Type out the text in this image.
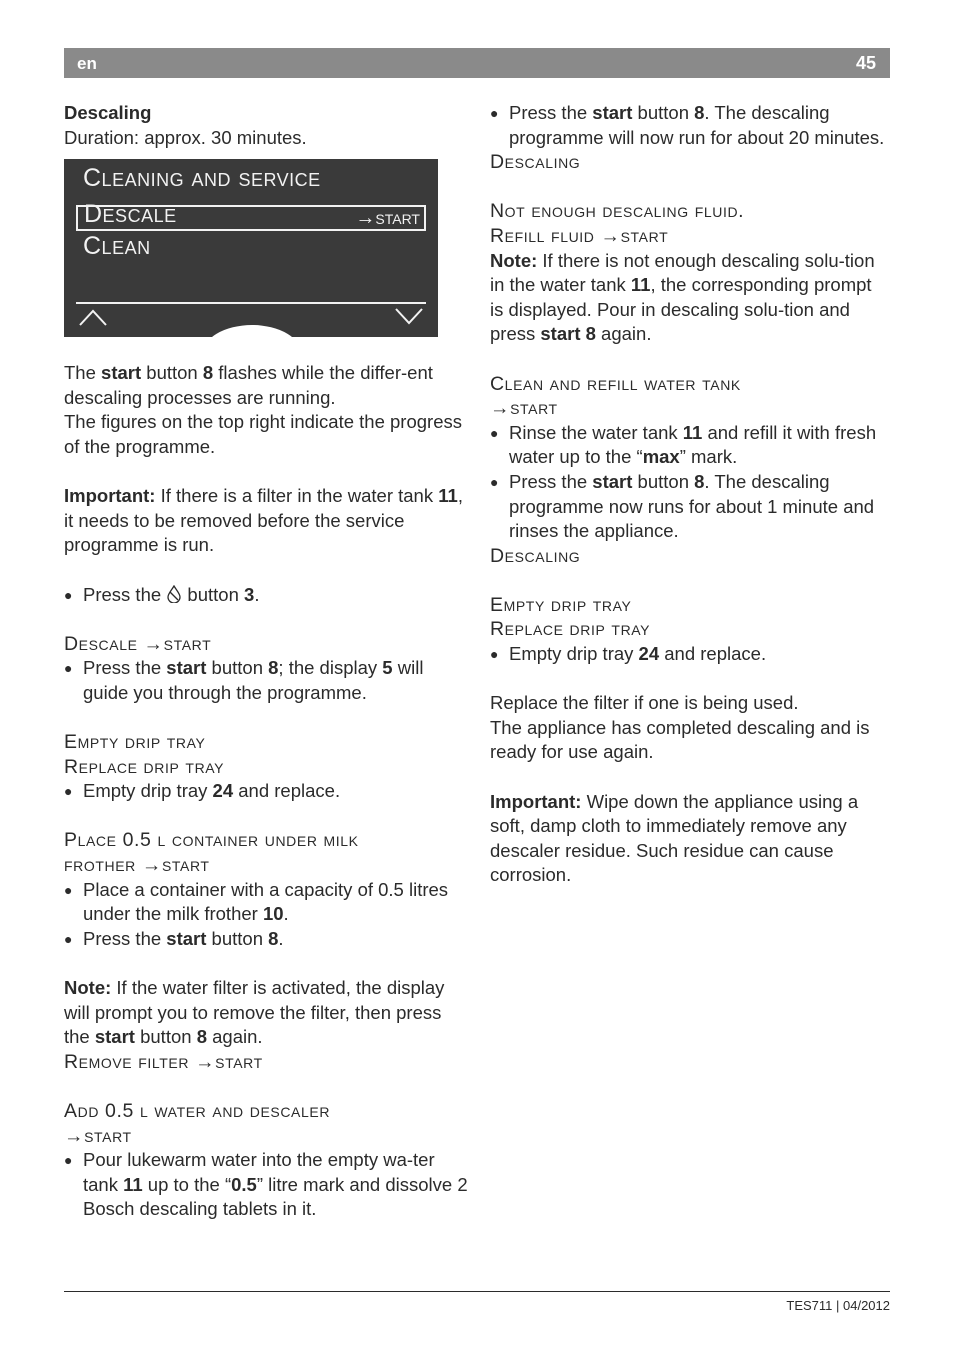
en	45

Descaling

Duration: approx. 30 minutes.

Cleaning and service
Descale	→start
Clean

The start button 8 flashes while the differ-ent descaling processes are running.

The figures on the top right indicate the progress of the programme.

Important: If there is a filter in the water tank 11, it needs to be removed before the service programme is run.

● Press the  button 3.

Descale →start

● Press the start button 8; the display 5 will guide you through the programme.

Empty drip tray

Replace drip tray

● Empty drip tray 24 and replace.

Place 0.5 l container under milk

frother →start

● Place a container with a capacity of 0.5 litres under the milk frother 10.

● Press the start button 8.

Note: If the water filter is activated, the display will prompt you to remove the filter, then press the start button 8 again.

Remove filter →start

Add 0.5 l water and descaler

→start

● Pour lukewarm water into the empty wa-ter tank 11 up to the “0.5” litre mark and dissolve 2 Bosch descaling tablets in it.

● Press the start button 8. The descaling programme will now run for about 20 minutes.

Descaling

Not enough descaling fluid.

Refill fluid →start

Note: If there is not enough descaling solu-tion in the water tank 11, the corresponding prompt is displayed. Pour in descaling solu-tion and press start 8 again.

Clean and refill water tank

→start

● Rinse the water tank 11 and refill it with fresh water up to the “max” mark.

● Press the start button 8. The descaling programme now runs for about 1 minute and rinses the appliance.

Descaling

Empty drip tray

Replace drip tray

● Empty drip tray 24 and replace.

Replace the filter if one is being used.

The appliance has completed descaling and is ready for use again.

Important: Wipe down the appliance using a soft, damp cloth to immediately remove any descaler residue. Such residue can cause corrosion.

TES711 | 04/2012
